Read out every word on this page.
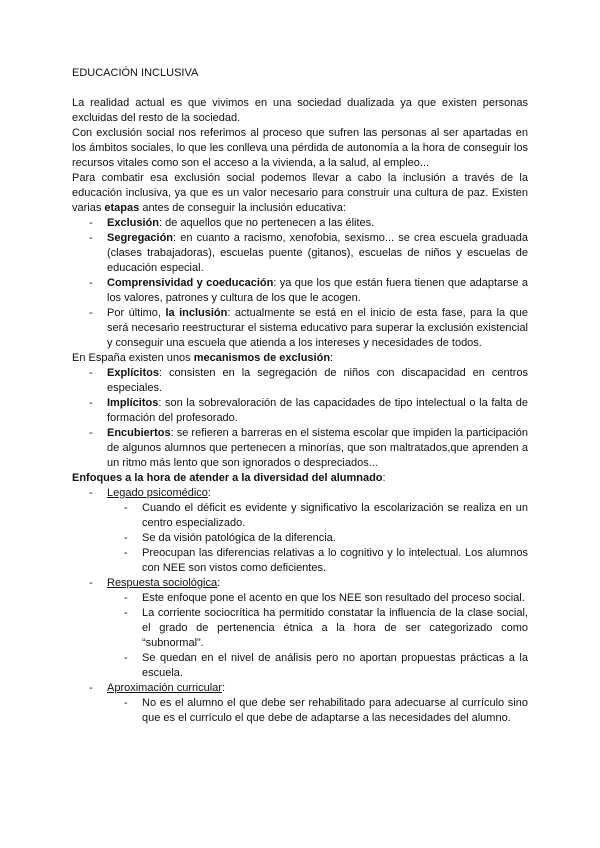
EDUCACIÓN INCLUSIVA

La realidad actual es que vivimos en una sociedad dualizada ya que existen personas excluidas del resto de la sociedad.

Con exclusión social nos referimos al proceso que sufren las personas al ser apartadas en los ámbitos sociales, lo que les conlleva una pérdida de autonomía a la hora de conseguir los recursos vitales como son el acceso a la vivienda, a la salud, al empleo...

Para combatir esa exclusión social podemos llevar a cabo la inclusión a través de la educación inclusiva, ya que es un valor necesario para construir una cultura de paz. Existen varias etapas antes de conseguir la inclusión educativa:

- Exclusión: de aquellos que no pertenecen a las élites.
- Segregación: en cuanto a racismo, xenofobia, sexismo... se crea escuela graduada (clases trabajadoras), escuelas puente (gitanos), escuelas de niños y escuelas de educación especial.
- Comprensividad y coeducación: ya que los que están fuera tienen que adaptarse a los valores, patrones y cultura de los que le acogen.
- Por último, la inclusión: actualmente se está en el inicio de esta fase, para la que será necesario reestructurar el sistema educativo para superar la exclusión existencial y conseguir una escuela que atienda a los intereses y necesidades de todos.

En España existen unos mecanismos de exclusión:

- Explícitos: consisten en la segregación de niños con discapacidad en centros especiales.
- Implícitos: son la sobrevaloración de las capacidades de tipo intelectual o la falta de formación del profesorado.
- Encubiertos: se refieren a barreras en el sistema escolar que impiden la participación de algunos alumnos que pertenecen a minorías, que son maltratados,que aprenden a un ritmo más lento que son ignorados o despreciados...

Enfoques a la hora de atender a la diversidad del alumnado:

- Legado psicomédico:
- Cuando el déficit es evidente y significativo la escolarización se realiza en un centro especializado.
- Se da visión patológica de la diferencia.
- Preocupan las diferencias relativas a lo cognitivo y lo intelectual. Los alumnos con NEE son vistos como deficientes.
- Respuesta sociológica:
- Este enfoque pone el acento en que los NEE son resultado del proceso social.
- La corriente sociocrítica ha permitido constatar la influencia de la clase social, el grado de pertenencia étnica a la hora de ser categorizado como “subnormal”.
- Se quedan en el nivel de análisis pero no aportan propuestas prácticas a la escuela.
- Aproximación curricular:
- No es el alumno el que debe ser rehabilitado para adecuarse al currículo sino que es el currículo el que debe de adaptarse a las necesidades del alumno.
